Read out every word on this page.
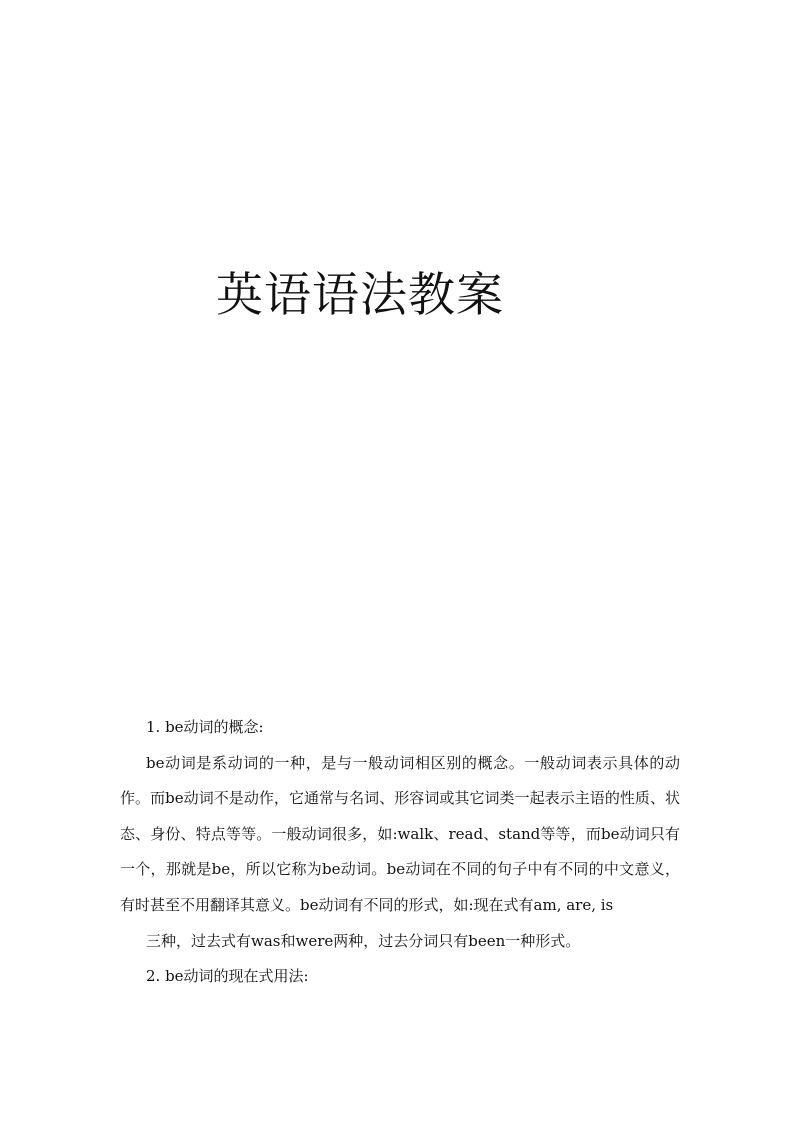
英语语法教案

1. be动词的概念:

be动词是系动词的一种，是与一般动词相区别的概念。一般动词表示具体的动作。而be动词不是动作，它通常与名词、形容词或其它词类一起表示主语的性质、状态、身份、特点等等。一般动词很多，如:walk、read、stand等等，而be动词只有一个，那就是be，所以它称为be动词。be动词在不同的句子中有不同的中文意义，有时甚至不用翻译其意义。be动词有不同的形式，如:现在式有am, are, is

三种，过去式有was和were两种，过去分词只有been一种形式。

2. be动词的现在式用法:
